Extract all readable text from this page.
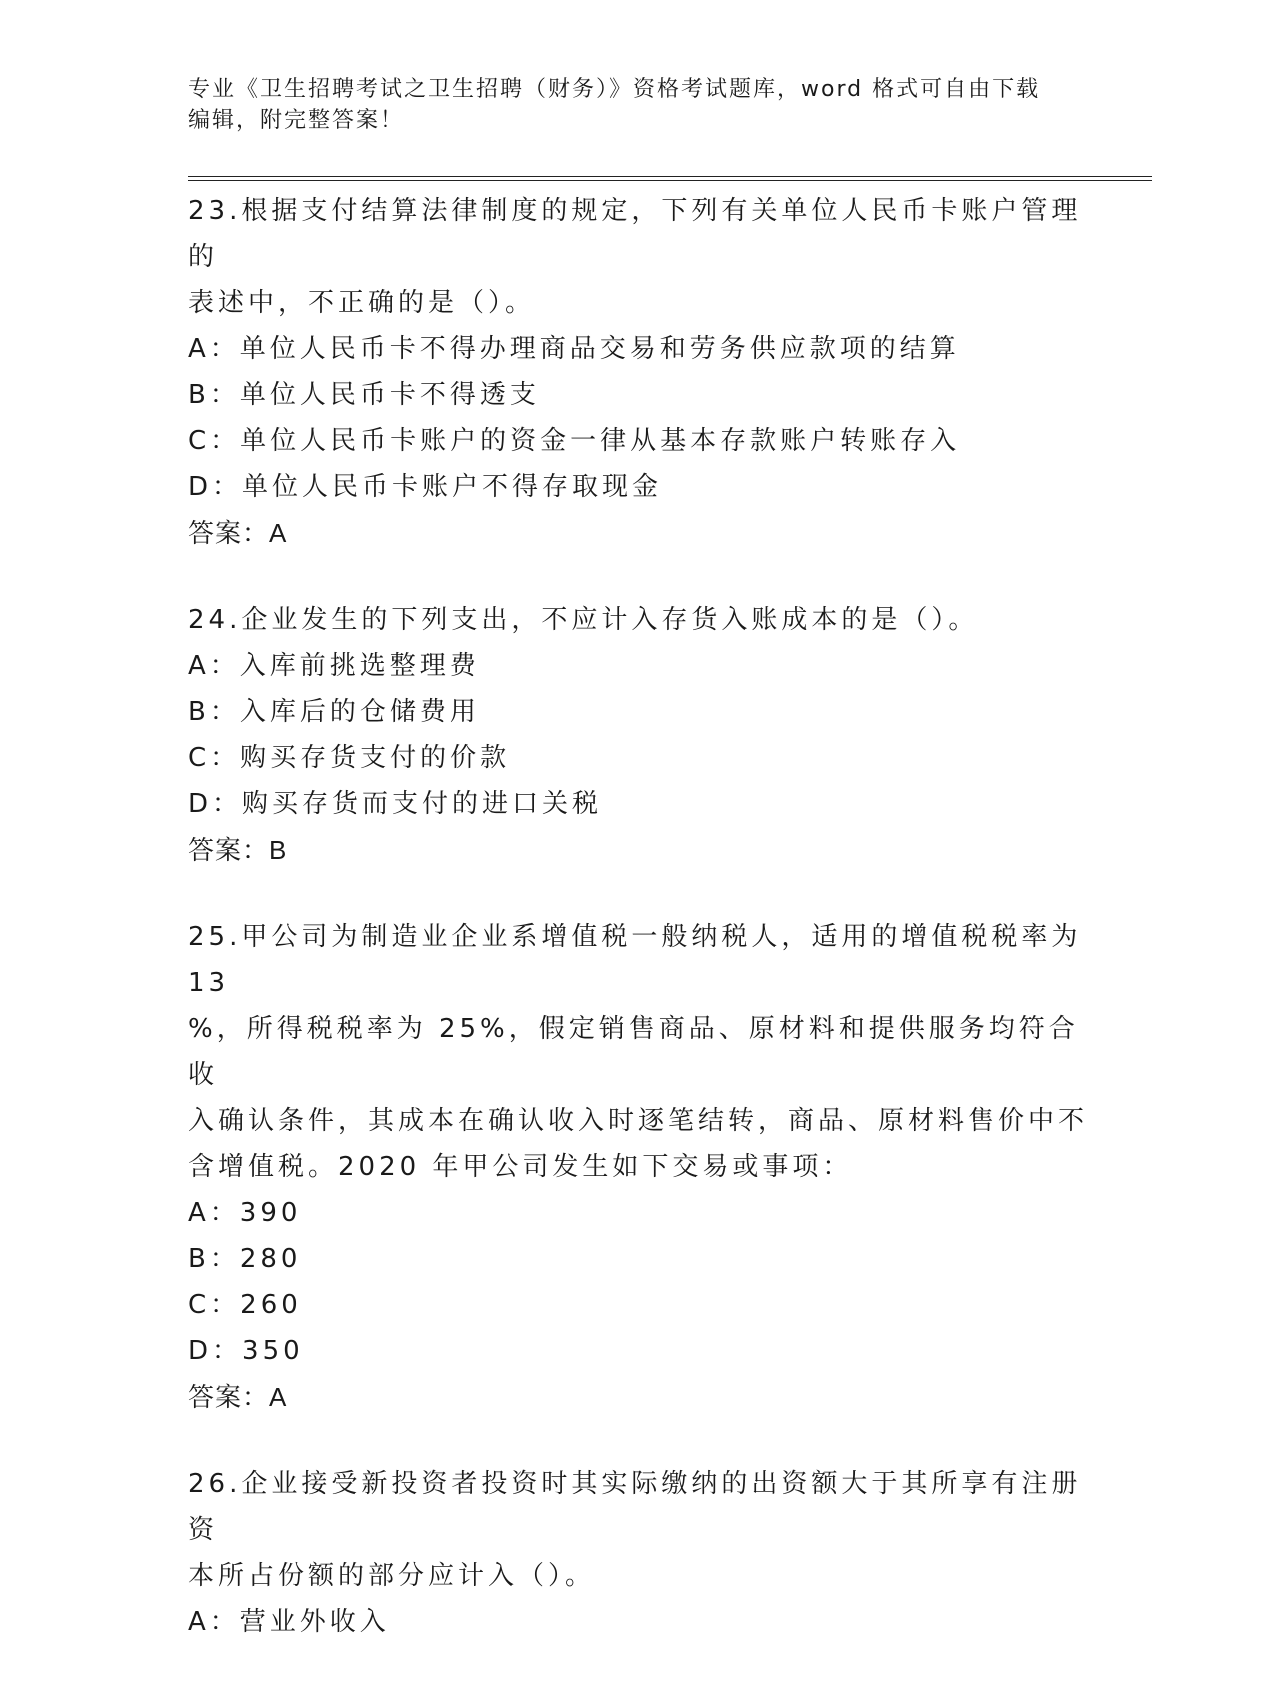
专业《卫生招聘考试之卫生招聘（财务）》资格考试题库，word 格式可自由下载
编辑，附完整答案！

23.根据支付结算法律制度的规定，下列有关单位人民币卡账户管理的

表述中，不正确的是（）。

A：单位人民币卡不得办理商品交易和劳务供应款项的结算

B：单位人民币卡不得透支

C：单位人民币卡账户的资金一律从基本存款账户转账存入

D：单位人民币卡账户不得存取现金

答案：A

24.企业发生的下列支出，不应计入存货入账成本的是（）。

A：入库前挑选整理费

B：入库后的仓储费用

C：购买存货支付的价款

D：购买存货而支付的进口关税

答案：B

25.甲公司为制造业企业系增值税一般纳税人，适用的增值税税率为 13

%，所得税税率为 25%，假定销售商品、原材料和提供服务均符合收

入确认条件，其成本在确认收入时逐笔结转，商品、原材料售价中不

含增值税。2020 年甲公司发生如下交易或事项：

A：390

B：280

C：260

D：350

答案：A

26.企业接受新投资者投资时其实际缴纳的出资额大于其所享有注册资

本所占份额的部分应计入（）。

A：营业外收入
